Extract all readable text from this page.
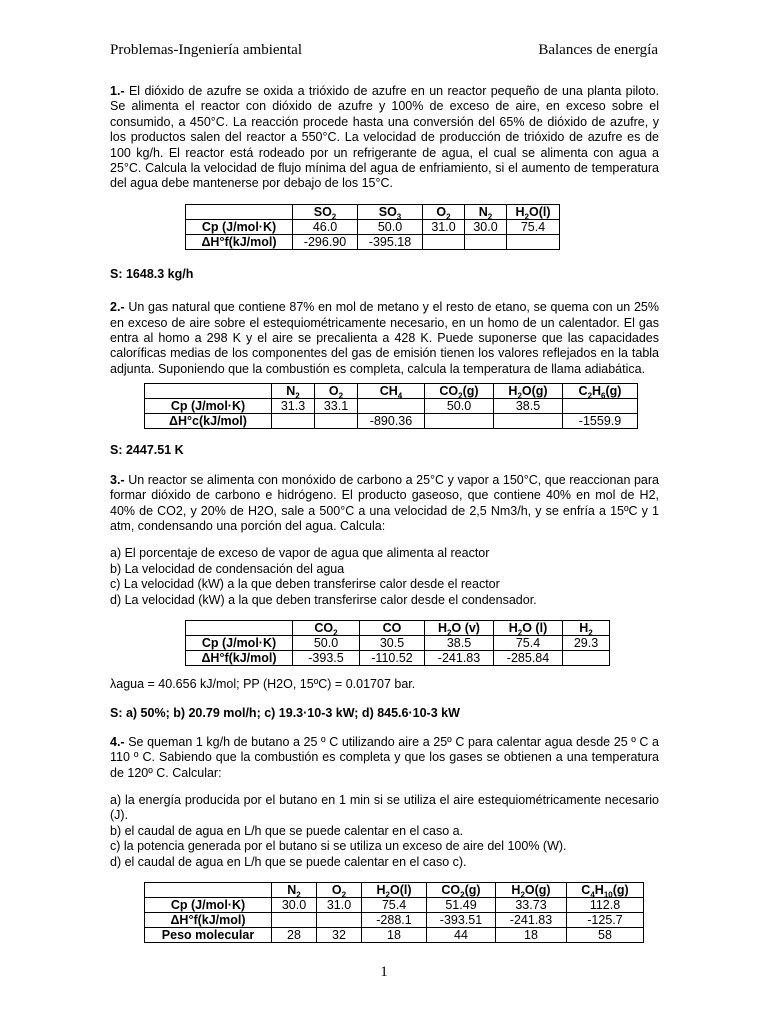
Problemas-Ingeniería ambiental	Balances de energía

1.- El dióxido de azufre se oxida a trióxido de azufre en un reactor pequeño de una planta piloto. Se alimenta el reactor con dióxido de azufre y 100% de exceso de aire, en exceso sobre el consumido, a 450°C. La reacción procede hasta una conversión del 65% de dióxido de azufre, y los productos salen del reactor a 550°C. La velocidad de producción de trióxido de azufre es de 100 kg/h. El reactor está rodeado por un refrigerante de agua, el cual se alimenta con agua a 25°C. Calcula la velocidad de flujo mínima del agua de enfriamiento, si el aumento de temperatura del agua debe mantenerse por debajo de los 15°C.

	$SO_2$	$SO_3$	$O_2$	$N_2$	$H_2O(l)$
Cp (J/mol·K)	46.0	50.0	31.0	30.0	75.4
ΔH°f(kJ/mol)	-296.90	-395.18			

S: 1648.3 kg/h

2.- Un gas natural que contiene 87% en mol de metano y el resto de etano, se quema con un 25% en exceso de aire sobre el estequiométricamente necesario, en un homo de un calentador. El gas entra al homo a 298 K y el aire se precalienta a 428 K. Puede suponerse que las capacidades caloríficas medias de los componentes del gas de emisión tienen los valores reflejados en la tabla adjunta. Suponiendo que la combustión es completa, calcula la temperatura de llama adiabática.

	$N_2$	$O_2$	$CH_4$	$CO_2(g)$	$H_2O(g)$	$C_2H_6(g)$
Cp (J/mol·K)	31.3	33.1		50.0	38.5	
ΔH°c(kJ/mol)			-890.36			-1559.9

S: 2447.51 K

3.- Un reactor se alimenta con monóxido de carbono a 25°C y vapor a 150°C, que reaccionan para formar dióxido de carbono e hidrógeno. El producto gaseoso, que contiene 40% en mol de H2, 40% de CO2, y 20% de H2O, sale a 500°C a una velocidad de 2,5 Nm3/h, y se enfría a 15ºC y 1 atm, condensando una porción del agua. Calcula:

a) El porcentaje de exceso de vapor de agua que alimenta al reactor
b) La velocidad de condensación del agua
c) La velocidad (kW) a la que deben transferirse calor desde el reactor
d) La velocidad (kW) a la que deben transferirse calor desde el condensador.
	$CO_2$	CO	$H_2O$ (v)	$H_2O$ (l)	$H_2$
Cp (J/mol·K)	50.0	30.5	38.5	75.4	29.3
ΔH°f(kJ/mol)	-393.5	-110.52	-241.83	-285.84	

λagua = 40.656 kJ/mol; PP (H2O, 15ºC) = 0.01707 bar.

S: a) 50%; b) 20.79 mol/h; c) 19.3·10-3 kW; d) 845.6·10-3 kW

4.- Se queman 1 kg/h de butano a 25 º C utilizando aire a 25º C para calentar agua desde 25 º C a 110 º C. Sabiendo que la combustión es completa y que los gases se obtienen a una temperatura de 120º C. Calcular:

a) la energía producida por el butano en 1 min si se utiliza el aire estequiométricamente necesario (J).
b) el caudal de agua en L/h que se puede calentar en el caso a.
c) la potencia generada por el butano si se utiliza un exceso de aire del 100% (W).
d) el caudal de agua en L/h que se puede calentar en el caso c).
	$N_2$	$O_2$	$H_2O(l)$	$CO_2(g)$	$H_2O(g)$	$C_4H_{10}(g)$
Cp (J/mol·K)	30.0	31.0	75.4	51.49	33.73	112.8
ΔH°f(kJ/mol)			-288.1	-393.51	-241.83	-125.7
Peso molecular	28	32	18	44	18	58
1
